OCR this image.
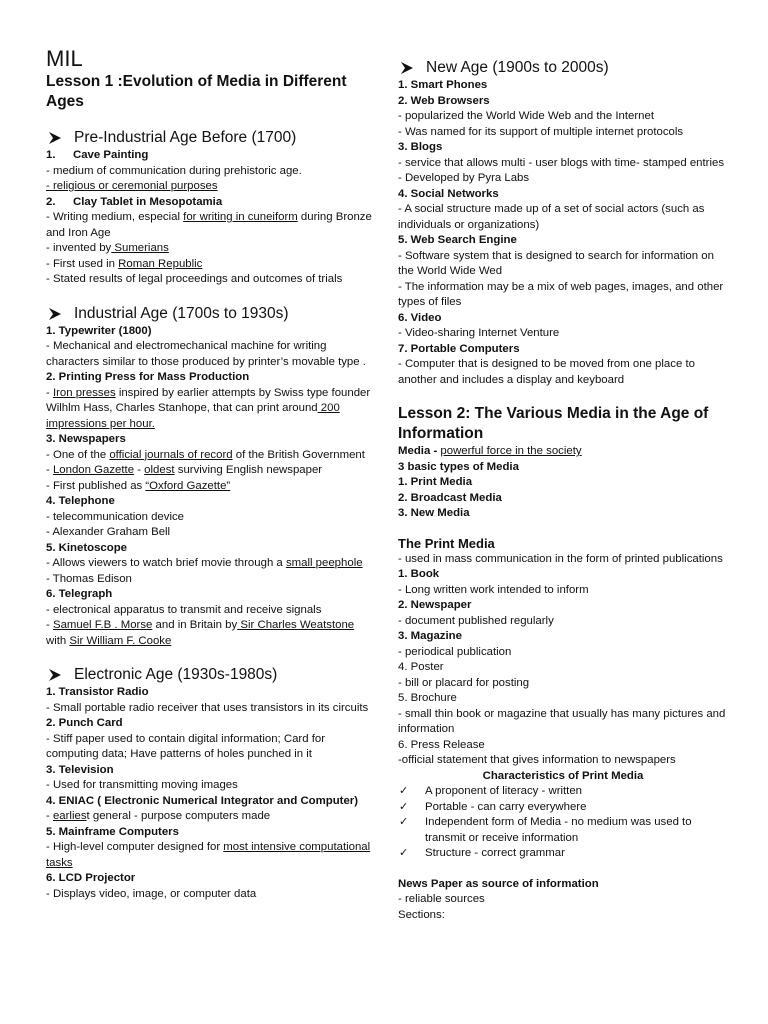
MIL
Lesson 1 :Evolution of Media in Different Ages
Pre-Industrial Age Before (1700)
1. Cave Painting
- medium of communication during prehistoric age.
- religious or ceremonial purposes
2. Clay Tablet in Mesopotamia
- Writing medium, especial for writing in cuneiform during Bronze and Iron Age
- invented by Sumerians
- First used in Roman Republic
- Stated results of legal proceedings and outcomes of trials
Industrial Age (1700s to 1930s)
1. Typewriter (1800)
- Mechanical and electromechanical machine for writing characters similar to those produced by printer’s movable type .
2. Printing Press for Mass Production
- Iron presses inspired by earlier attempts by Swiss type founder Wilhlm Hass, Charles Stanhope, that can print around 200 impressions per hour.
3. Newspapers
- One of the official journals of record of the British Government
- London Gazette - oldest surviving English newspaper
- First published as “Oxford Gazette”
4. Telephone
- telecommunication device
- Alexander Graham Bell
5. Kinetoscope
- Allows viewers to watch brief movie through a small peephole
- Thomas Edison
6. Telegraph
- electronical apparatus to transmit and receive signals
- Samuel F.B . Morse and in Britain by Sir Charles Weatstone with Sir William F. Cooke
Electronic Age (1930s-1980s)
1. Transistor Radio
- Small portable radio receiver that uses transistors in its circuits
2. Punch Card
- Stiff paper used to contain digital information; Card for computing data; Have patterns of holes punched in it
3. Television
- Used for transmitting moving images
4. ENIAC ( Electronic Numerical Integrator and Computer)
- earliest general - purpose computers made
5. Mainframe Computers
- High-level computer designed for most intensive computational tasks
6. LCD Projector
- Displays video, image, or computer data
New Age (1900s to 2000s)
1. Smart Phones
2. Web Browsers
- popularized the World Wide Web and the Internet
- Was named for its support of multiple internet protocols
3. Blogs
- service that allows multi - user blogs with time- stamped entries
- Developed by Pyra Labs
4. Social Networks
- A social structure made up of a set of social actors (such as individuals or organizations)
5. Web Search Engine
- Software system that is designed to search for information on the World Wide Wed
- The information may be a mix of web pages, images, and other types of files
6. Video
- Video-sharing Internet Venture
7. Portable Computers
- Computer that is designed to be moved from one place to another and includes a display and keyboard
Lesson 2: The Various Media in the Age of Information
Media - powerful force in the society
3 basic types of Media
1. Print Media
2. Broadcast Media
3. New Media
The Print Media
- used in mass communication in the form of printed publications
1. Book
- Long written work intended to inform
2. Newspaper
- document published regularly
3. Magazine
- periodical publication
4. Poster
- bill or placard for posting
5. Brochure
- small thin book or magazine that usually has many pictures and information
6. Press Release
-official statement that gives information to newspapers
Characteristics of Print Media
✓	A proponent of literacy - written
✓	Portable - can carry everywhere
✓	Independent form of Media - no medium was used to transmit or receive information
✓	Structure - correct grammar
News Paper as source of information
- reliable sources
Sections:
